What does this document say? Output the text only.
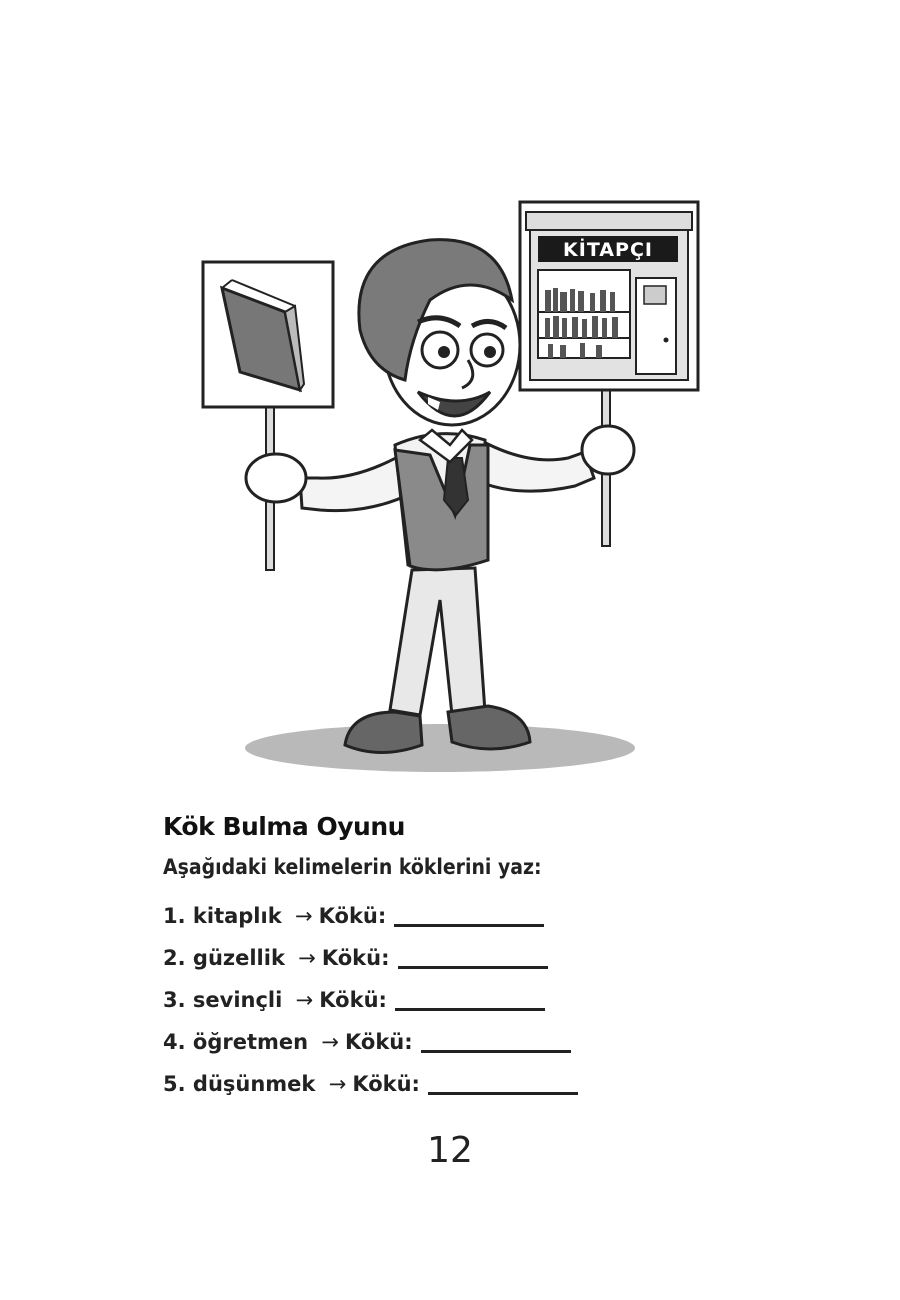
KİTAPÇI
Kök Bulma Oyunu

Aşağıdaki kelimelerin köklerini yaz:

1.
kitaplık
→ Kökü:
2.
güzellik
→ Kökü:
3.
sevinçli
→ Kökü:
4.
öğretmen
→ Kökü:
5.
düşünmek
→ Kökü:
12
